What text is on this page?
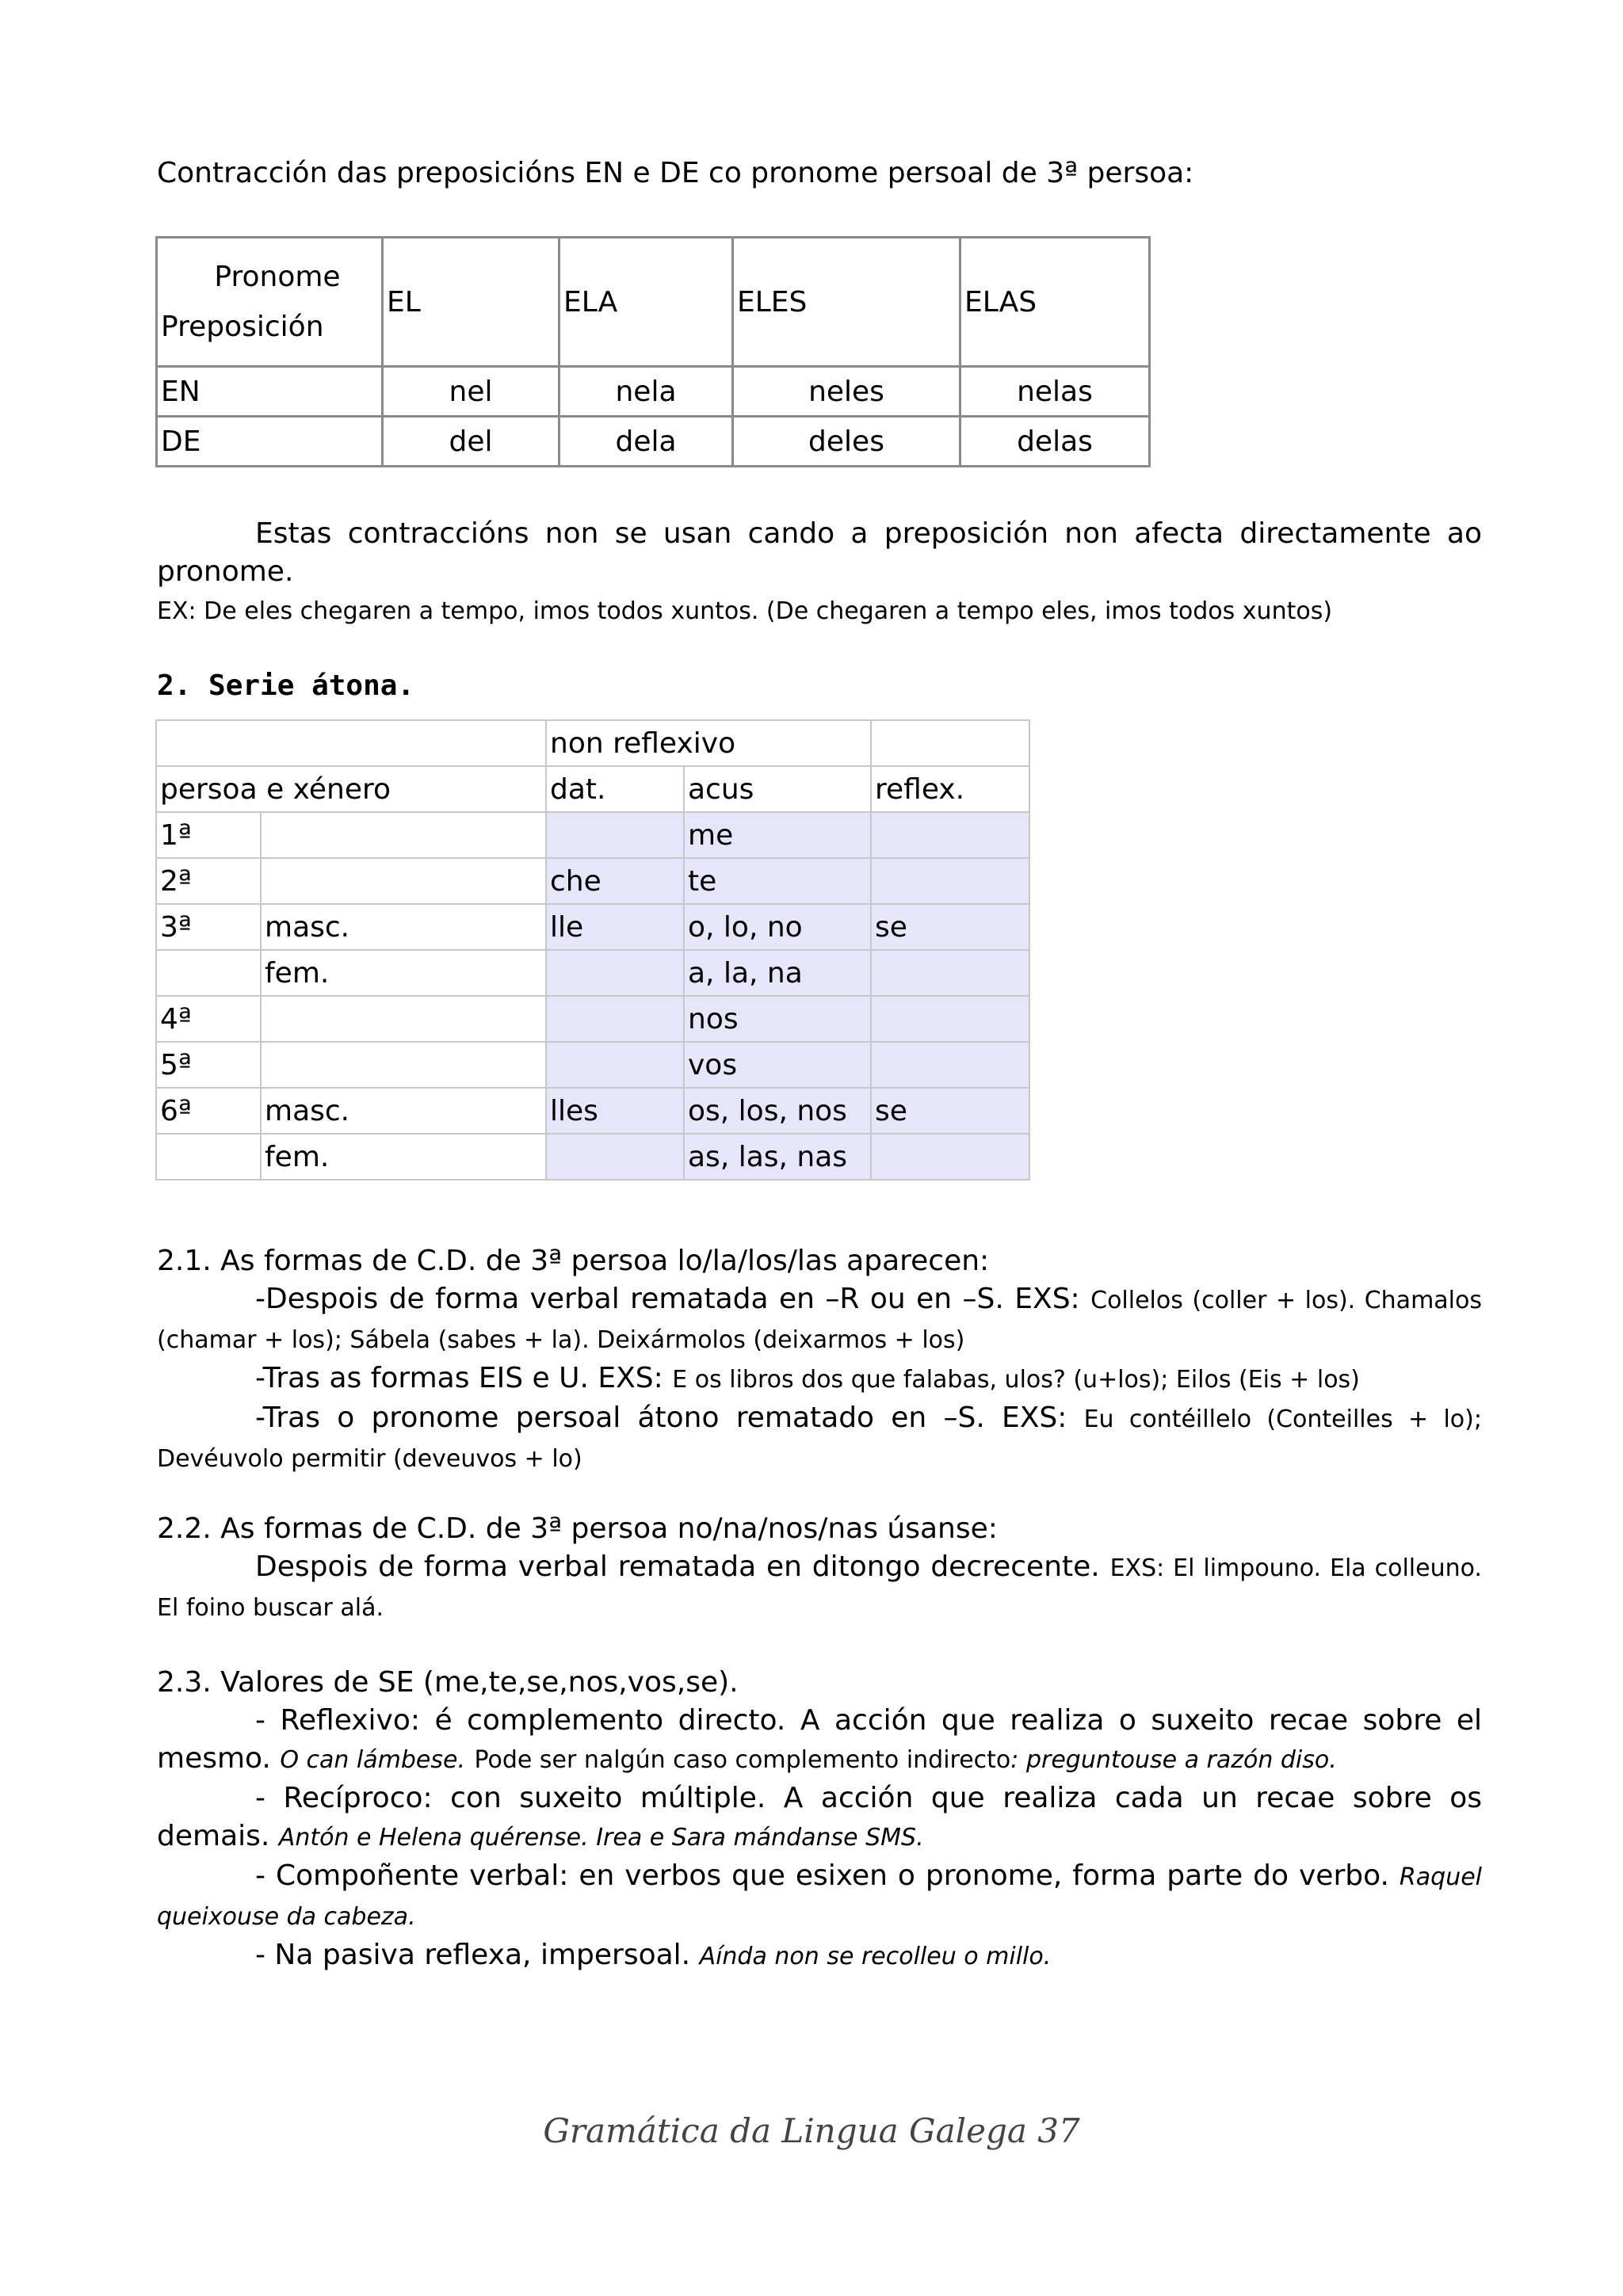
Contracción das preposicións EN e DE co pronome persoal de 3ª persoa:
Pronome
Preposición	EL	ELA	ELES	ELAS
EN	nel	nela	neles	nelas
DE	del	dela	deles	delas
Estas contraccións non se usan cando a preposición non afecta directamente ao pronome.
EX: De eles chegaren a tempo, imos todos xuntos. (De chegaren a tempo eles, imos todos xuntos)
2. Serie átona.
		non reflexivo		
persoa e xénero		dat.	acus	reflex.
1ª			me	
2ª		che	te	
3ª	masc.	lle	o, lo, no	se
	fem.		a, la, na	
4ª			nos	
5ª			vos	
6ª	masc.	lles	os, los, nos	se
	fem.		as, las, nas	
2.1. As formas de C.D. de 3ª persoa lo/la/los/las aparecen:
-Despois de forma verbal rematada en –R ou en –S. EXS: Collelos (coller + los). Chamalos (chamar + los); Sábela (sabes + la). Deixármolos (deixarmos + los)
-Tras as formas EIS e U. EXS: E os libros dos que falabas, ulos? (u+los); Eilos (Eis + los)
-Tras o pronome persoal átono rematado en –S. EXS: Eu contéillelo (Conteilles + lo); Devéuvolo permitir (deveuvos + lo)
2.2. As formas de C.D. de 3ª persoa no/na/nos/nas úsanse:
Despois de forma verbal rematada en ditongo decrecente. EXS: El limpouno. Ela colleuno. El foino buscar alá.
2.3. Valores de SE (me,te,se,nos,vos,se).
- Reflexivo: é complemento directo. A acción que realiza o suxeito recae sobre el mesmo. O can lámbese. Pode ser nalgún caso complemento indirecto: preguntouse a razón diso.
- Recíproco: con suxeito múltiple. A acción que realiza cada un recae sobre os demais. Antón e Helena quérense. Irea e Sara mándanse SMS.
- Compoñente verbal: en verbos que esixen o pronome, forma parte do verbo. Raquel queixouse da cabeza.
- Na pasiva reflexa, impersoal. Aínda non se recolleu o millo.
Gramática da Lingua Galega 37
